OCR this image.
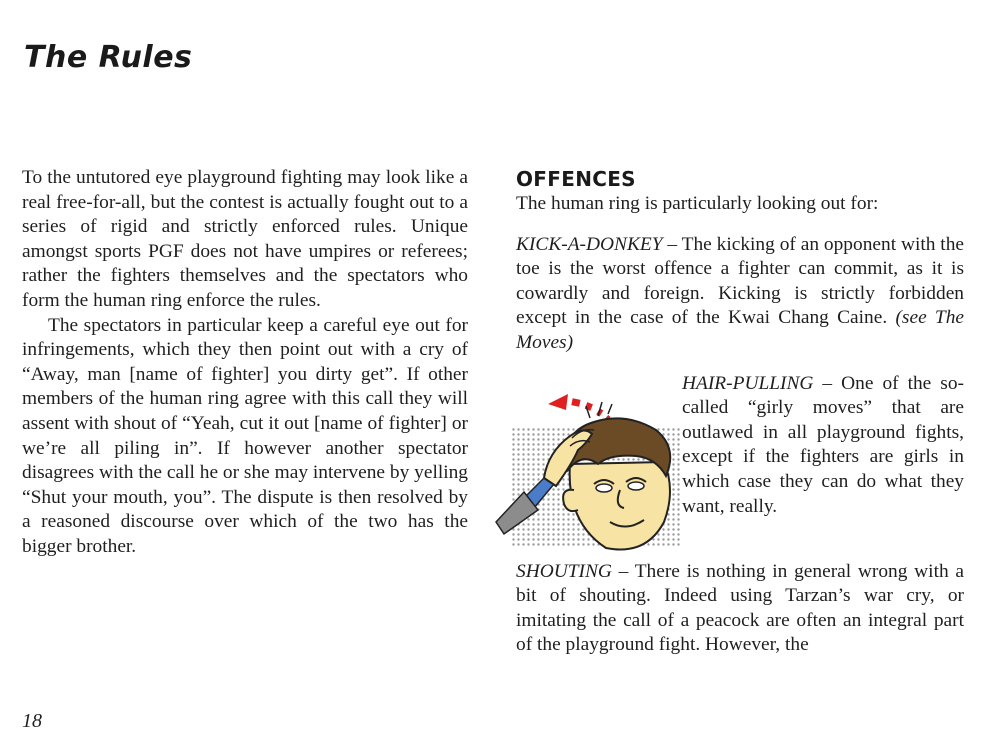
The Rules

To the untutored eye playground fighting may look like a real free-for-all, but the contest is actually fought out to a series of rigid and strictly enforced rules. Unique amongst sports PGF does not have umpires or referees; rather the fighters themselves and the spectators who form the human ring enforce the rules.

The spectators in particular keep a careful eye out for infringements, which they then point out with a cry of “Away, man [name of fighter] you dirty get”. If other members of the human ring agree with this call they will assent with shout of “Yeah, cut it out [name of fighter] or we’re all piling in”. If however another spectator disagrees with the call he or she may intervene by yelling “Shut your mouth, you”. The dispute is then resolved by a reasoned discourse over which of the two has the bigger brother.

OFFENCES

The human ring is particularly looking out for:

KICK-A-DONKEY – The kicking of an opponent with the toe is the worst offence a fighter can commit, as it is cowardly and foreign. Kicking is strictly forbidden except in the case of the Kwai Chang Caine. (see The Moves)

HAIR-PULLING – One of the so-called “girly moves” that are outlawed in all playground fights, except if the fighters are girls in which case they can do what they want, really.

SHOUTING – There is nothing in general wrong with a bit of shouting. Indeed using Tarzan’s war cry, or imitating the call of a peacock are often an integral part of the playground fight. However, the

18
